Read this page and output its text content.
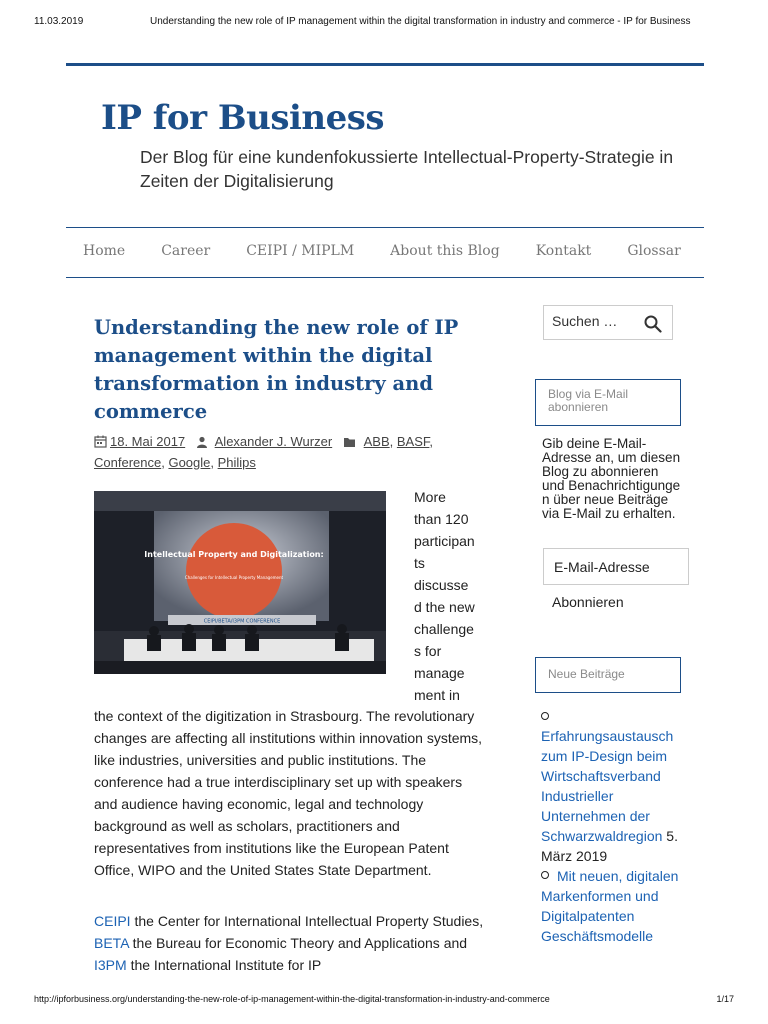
11.03.2019	Understanding the new role of IP management within the digital transformation in industry and commerce - IP for Business
IP for Business
Der Blog für eine kundenfokussierte Intellectual-Property-Strategie in Zeiten der Digitalisierung
Home	Career	CEIPI / MIPLM	About this Blog	Kontakt	Glossar
Understanding the new role of IP management within the digital transformation in industry and commerce
18. Mai 2017 Alexander J. Wurzer ABB, BASF,
Conference, Google, Philips
Intellectual Property and Digitalization:
Challenges for Intellectual Property Management
CEIPI/BETA/I3PM CONFERENCE
More
than 120
participan
ts
discusse
d the new
challenge
s for
manage
ment in

the context of the digitization in Strasbourg. The revolutionary changes are affecting all institutions within innovation systems, like industries, universities and public institutions. The conference had a true interdisciplinary set up with speakers and audience having economic, legal and technology background as well as scholars, practitioners and representatives from institutions like the European Patent Office, WIPO and the United States State Department.

CEIPI the Center for International Intellectual Property Studies, BETA the Bureau for Economic Theory and Applications and I3PM the International Institute for IP

Suchen …
Blog via E-Mail abonnieren
Gib deine E-Mail-Adresse an, um diesen Blog zu abonnieren und Benachrichtigunge n über neue Beiträge via E-Mail zu erhalten.
E-Mail-Adresse
Abonnieren
Neue Beiträge
Erfahrungsaustausch zum IP-Design beim Wirtschaftsverband Industrieller Unternehmen der Schwarzwaldregion 5. März 2019
Mit neuen, digitalen Markenformen und Digitalpatenten Geschäftsmodelle
http://ipforbusiness.org/understanding-the-new-role-of-ip-management-within-the-digital-transformation-in-industry-and-commerce	1/17
